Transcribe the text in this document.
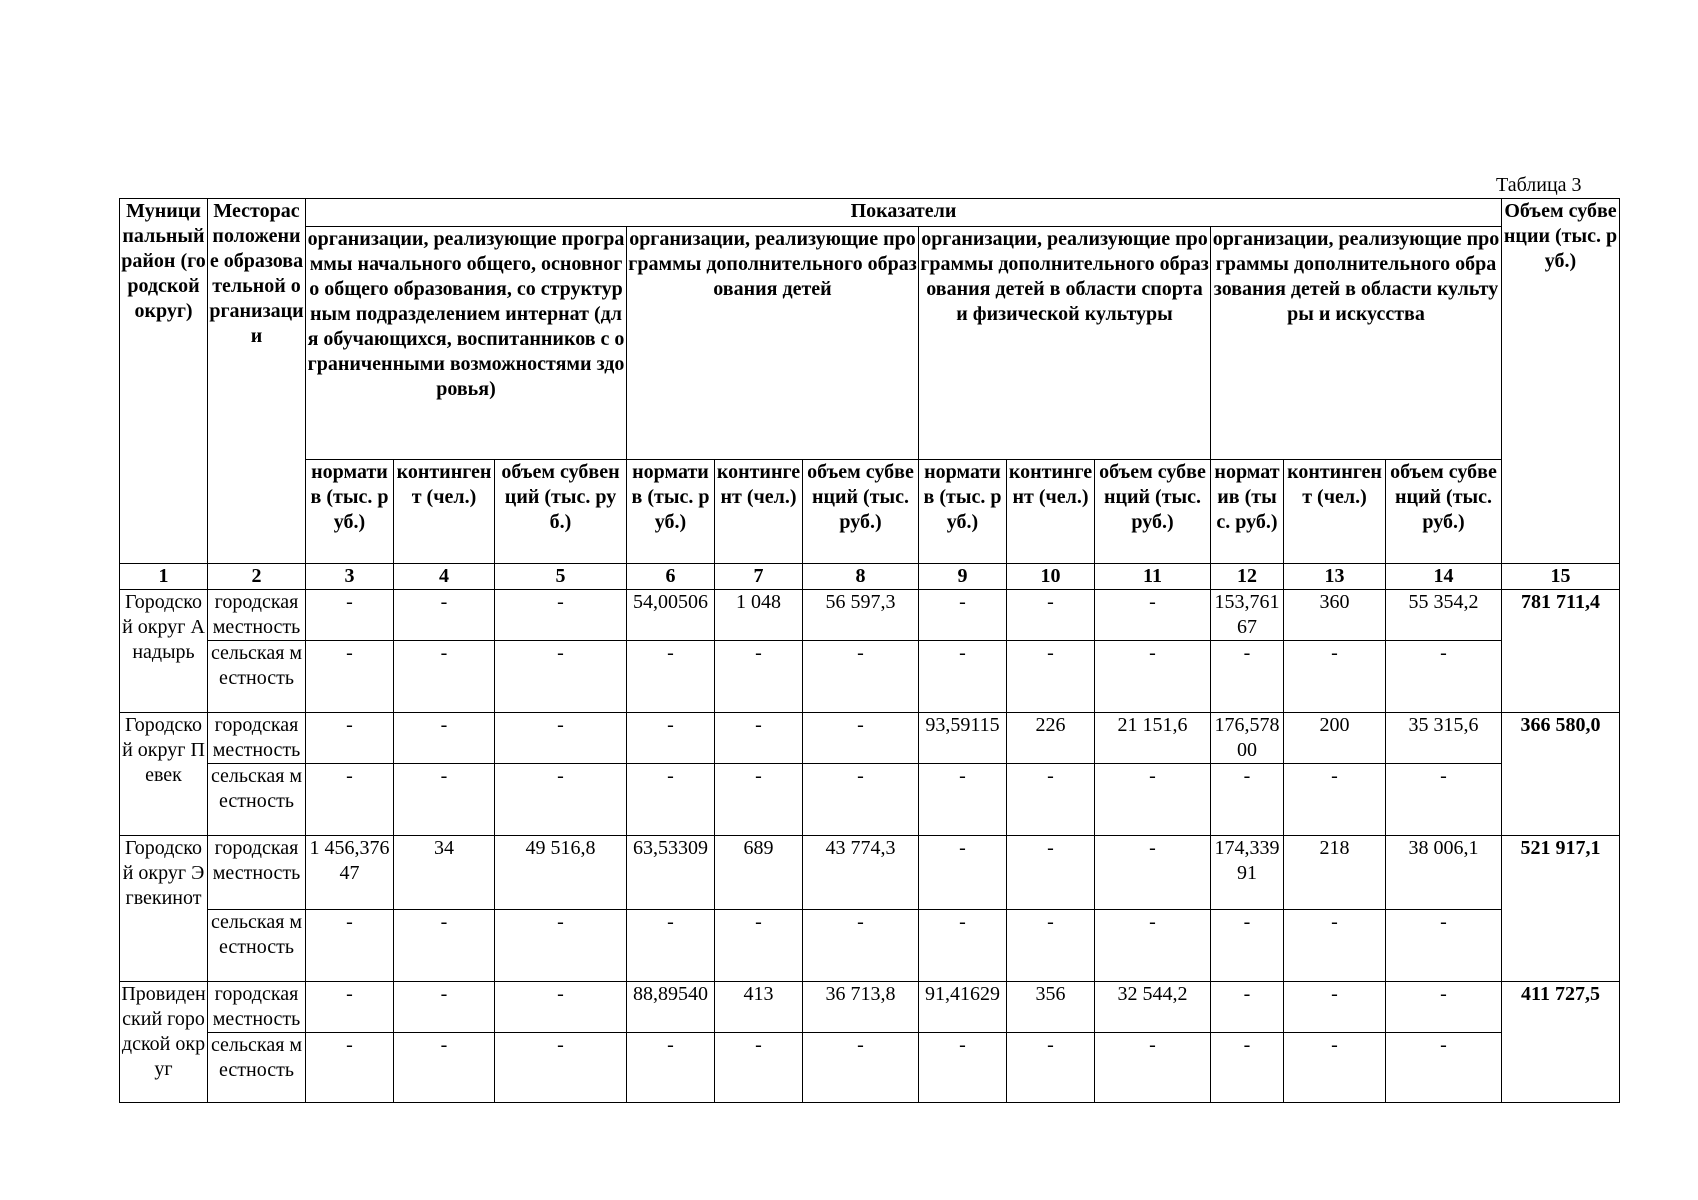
Таблица 3
Муниципальный район (городской округ)	Месторасположение образовательной организации	Показатели												Объем субвенции (тыс. руб.)
		организации, реализующие программы начального общего, основного общего образования, со структурным подразделением интернат (для обучающихся, воспитанников с ограниченными возможностями здоровья)			организации, реализующие программы дополнительного образования детей			организации, реализующие программы дополнительного образования детей в области спорта и физической культуры			организации, реализующие программы дополнительного образования детей в области культуры и искусства			
		норматив (тыс. руб.)	контингент (чел.)	объем субвенций (тыс. руб.)	норматив (тыс. руб.)	контингент (чел.)	объем субвенций (тыс. руб.)	норматив (тыс. руб.)	контингент (чел.)	объем субвенций (тыс. руб.)	норматив (тыс. руб.)	контингент (чел.)	объем субвенций (тыс. руб.)	
1	2	3	4	5	6	7	8	9	10	11	12	13	14	15
Городской округ Анадырь	городская местность	-	-	-	54,00506	1 048	56 597,3	-	-	-	153,76167	360	55 354,2	781 711,4
	сельская местность	-	-	-	-	-	-	-	-	-	-	-	-	
Городской округ Певек	городская местность	-	-	-	-	-	-	93,59115	226	21 151,6	176,57800	200	35 315,6	366 580,0
	сельская местность	-	-	-	-	-	-	-	-	-	-	-	-	
Городской округ Эгвекинот	городская местность	1 456,37647	34	49 516,8	63,53309	689	43 774,3	-	-	-	174,33991	218	38 006,1	521 917,1
	сельская местность	-	-	-	-	-	-	-	-	-	-	-	-	
Провиденский городской округ	городская местность	-	-	-	88,89540	413	36 713,8	91,41629	356	32 544,2	-	-	-	411 727,5
	сельская местность	-	-	-	-	-	-	-	-	-	-	-	-	
